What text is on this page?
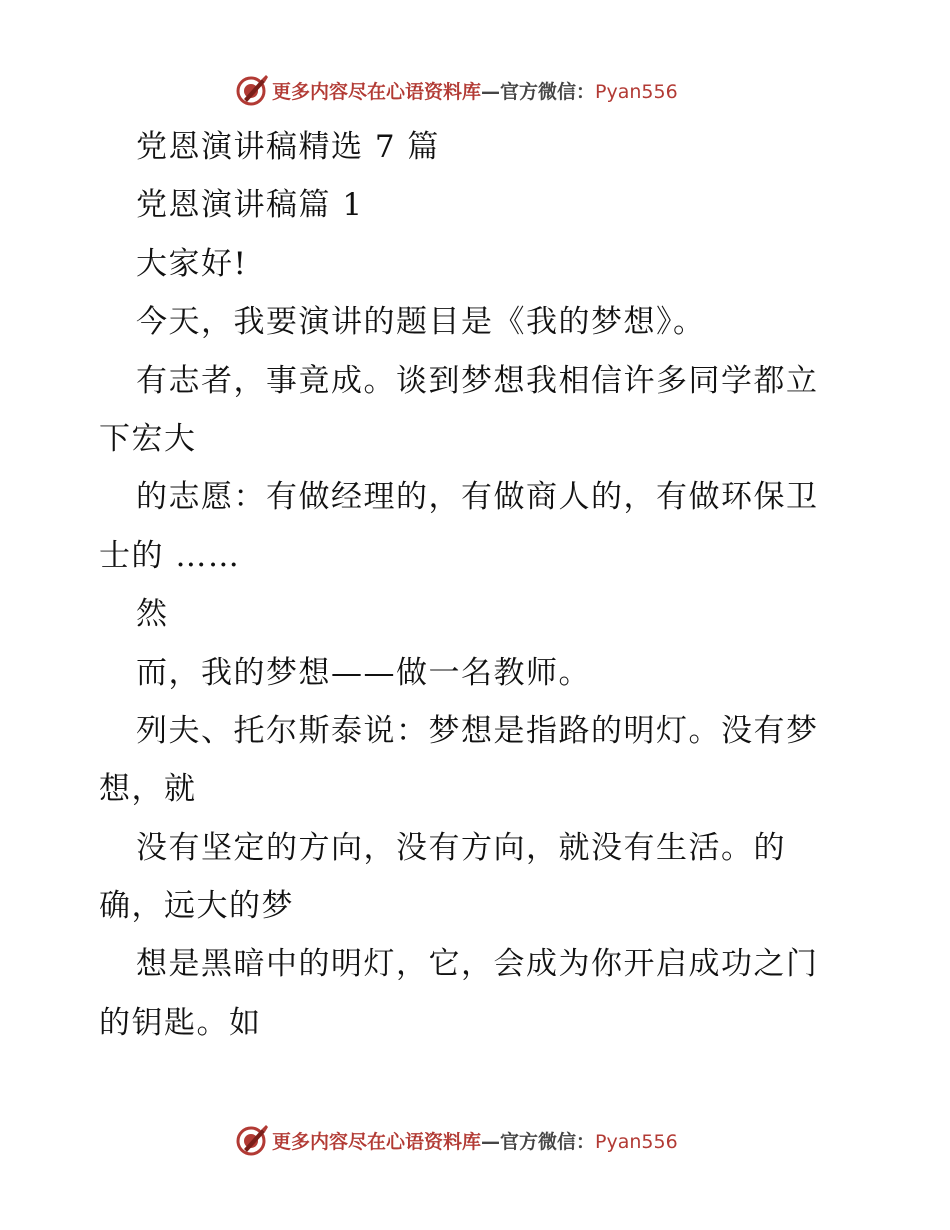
更多内容尽在心语资料库—官方微信：Pyan556
党恩演讲稿精选 7 篇
党恩演讲稿篇 1
大家好!
今天，我要演讲的题目是《我的梦想》。
有志者，事竟成。谈到梦想我相信许多同学都立
下宏大
的志愿：有做经理的，有做商人的，有做环保卫
士的 ……
然
而，我的梦想——做一名教师。
列夫、托尔斯泰说：梦想是指路的明灯。没有梦
想，就
没有坚定的方向，没有方向，就没有生活。的
确，远大的梦
想是黑暗中的明灯，它，会成为你开启成功之门
的钥匙。如
更多内容尽在心语资料库—官方微信：Pyan556
